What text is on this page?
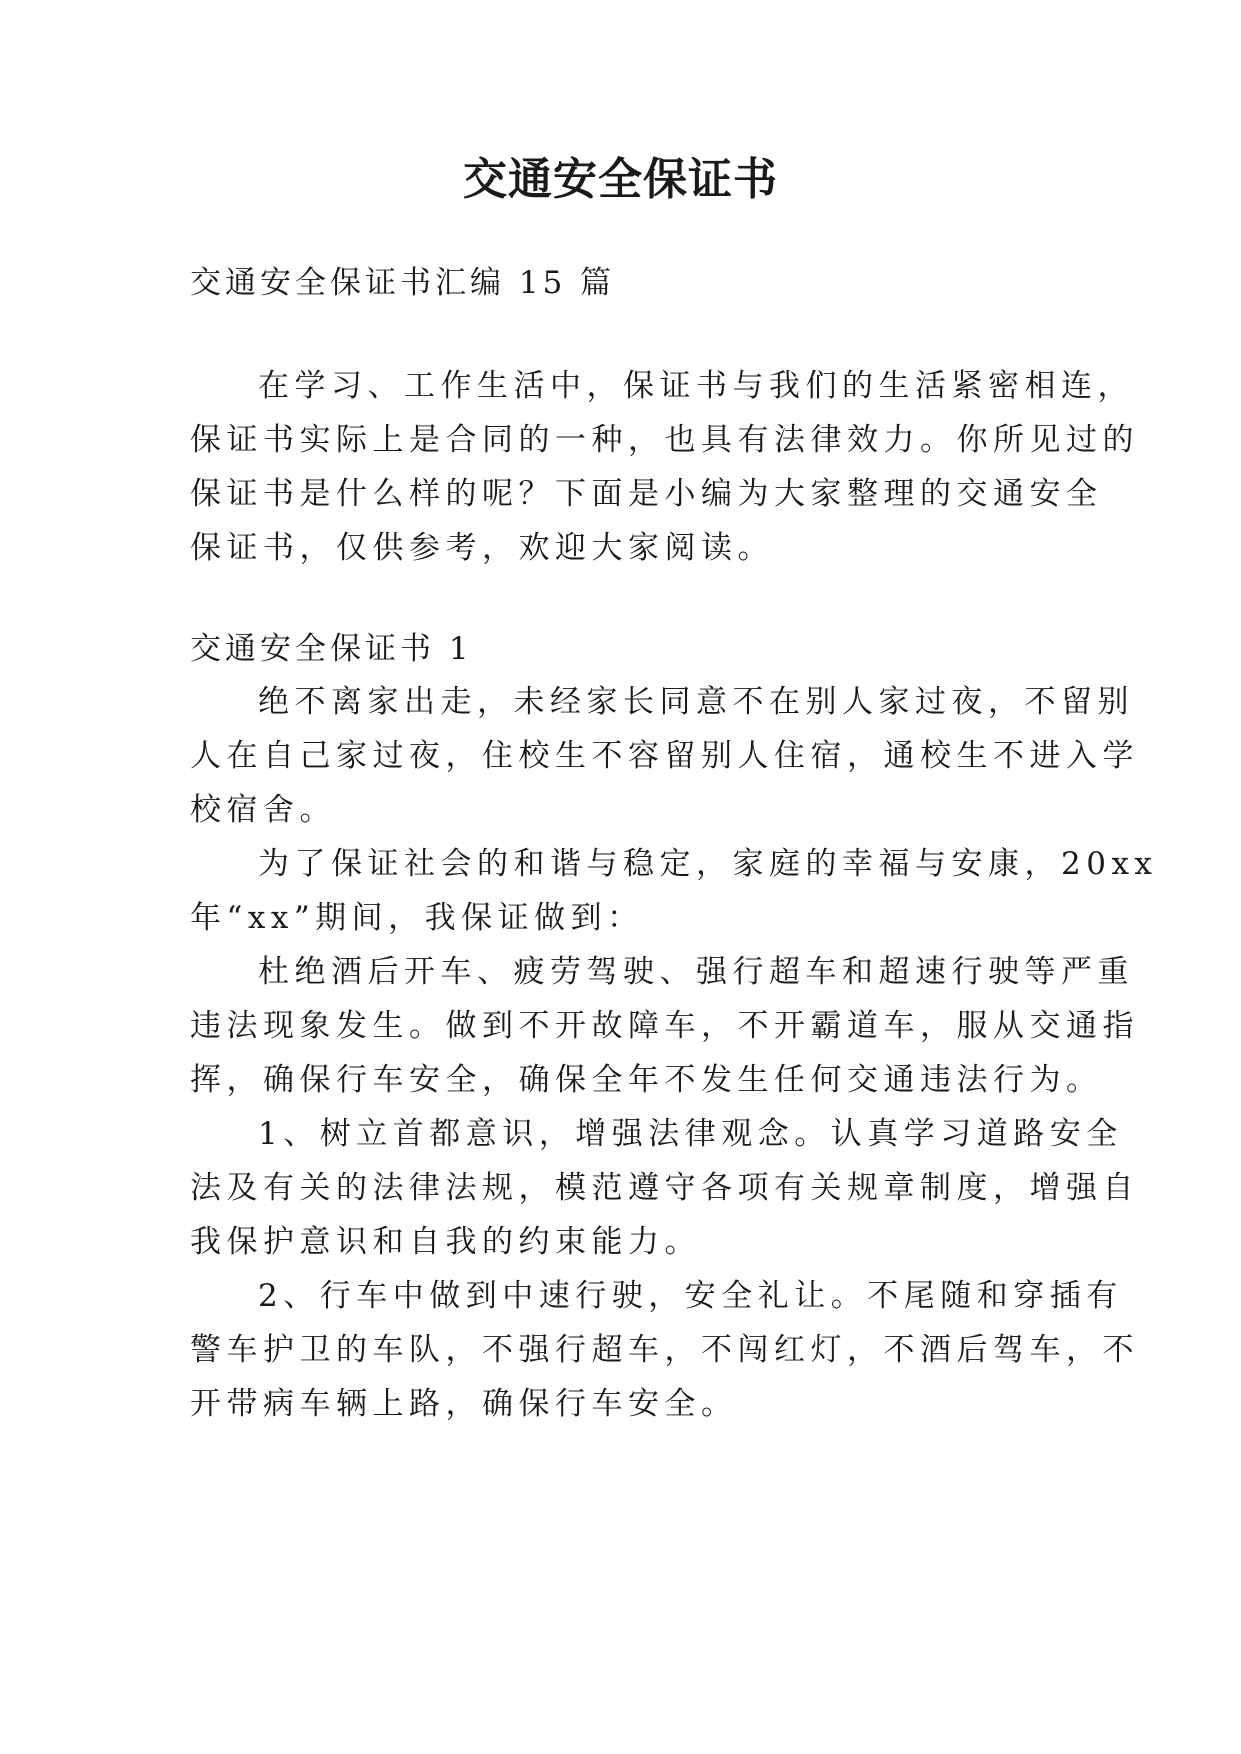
交通安全保证书

交通安全保证书汇编 15 篇

在学习、工作生活中，保证书与我们的生活紧密相连，

保证书实际上是合同的一种，也具有法律效力。你所见过的

保证书是什么样的呢？下面是小编为大家整理的交通安全

保证书，仅供参考，欢迎大家阅读。

交通安全保证书 1

绝不离家出走，未经家长同意不在别人家过夜，不留别

人在自己家过夜，住校生不容留别人住宿，通校生不进入学

校宿舍。

为了保证社会的和谐与稳定，家庭的幸福与安康，20xx

年“xx”期间，我保证做到：

杜绝酒后开车、疲劳驾驶、强行超车和超速行驶等严重

违法现象发生。做到不开故障车，不开霸道车，服从交通指

挥，确保行车安全，确保全年不发生任何交通违法行为。

1、树立首都意识，增强法律观念。认真学习道路安全

法及有关的法律法规，模范遵守各项有关规章制度，增强自

我保护意识和自我的约束能力。

2、行车中做到中速行驶，安全礼让。不尾随和穿插有

警车护卫的车队，不强行超车，不闯红灯，不酒后驾车，不

开带病车辆上路，确保行车安全。
